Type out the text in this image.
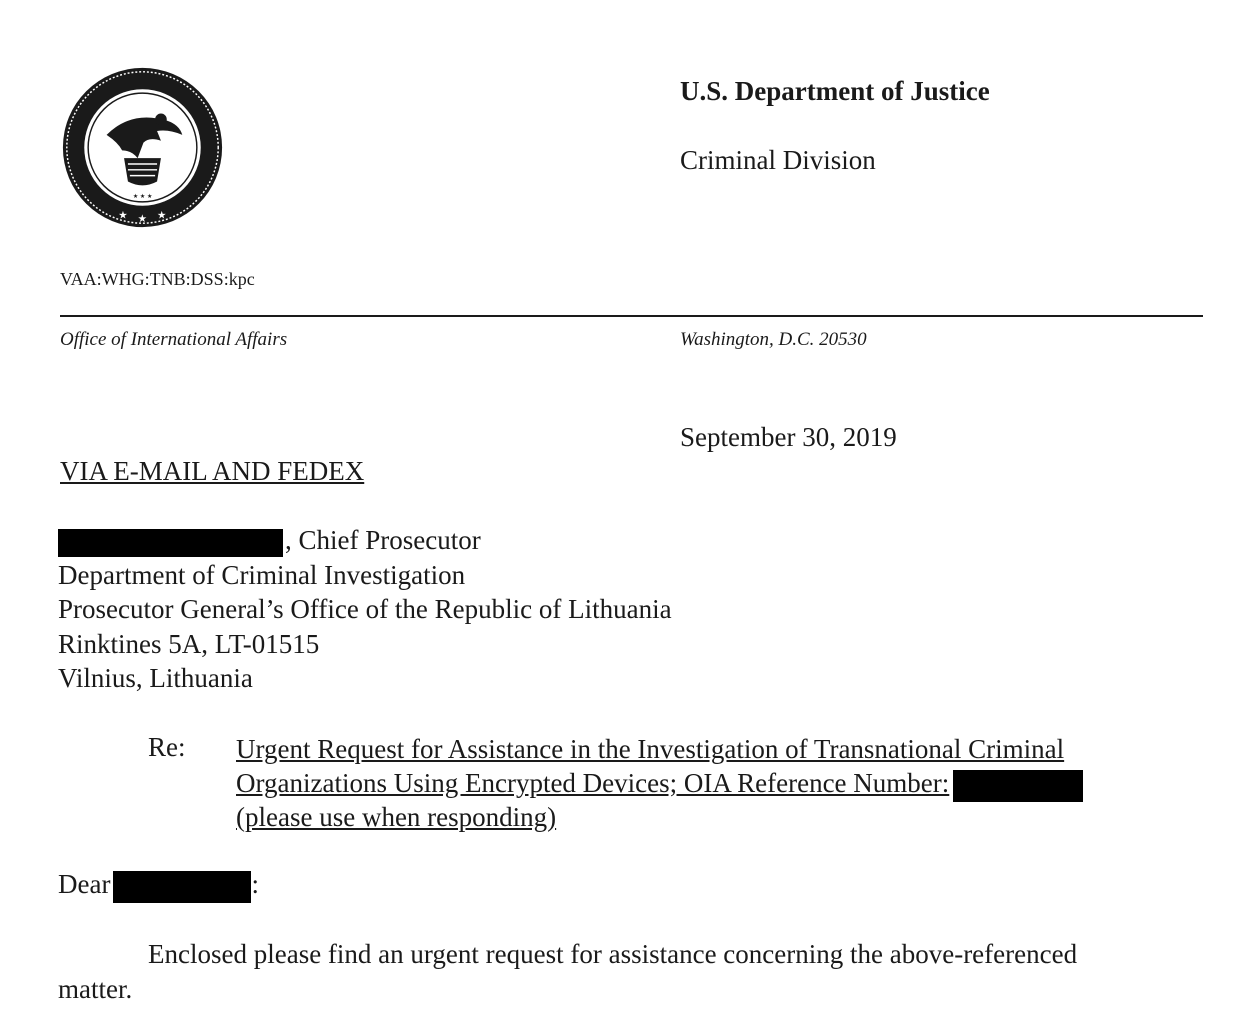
★ ★ ★
★ ★ ★
U.S. Department of Justice
Criminal Division
VAA:WHG:TNB:DSS:kpc
Office of International Affairs	Washington, D.C. 20530
September 30, 2019
VIA E-MAIL AND FEDEX
, Chief Prosecutor
Department of Criminal Investigation
Prosecutor General’s Office of the Republic of Lithuania
Rinktines 5A, LT-01515
Vilnius, Lithuania
Re: Urgent Request for Assistance in the Investigation of Transnational Criminal
Organizations Using Encrypted Devices; OIA Reference Number:
(please use when responding)
Dear	:
Enclosed please find an urgent request for assistance concerning the above-referenced
matter.
